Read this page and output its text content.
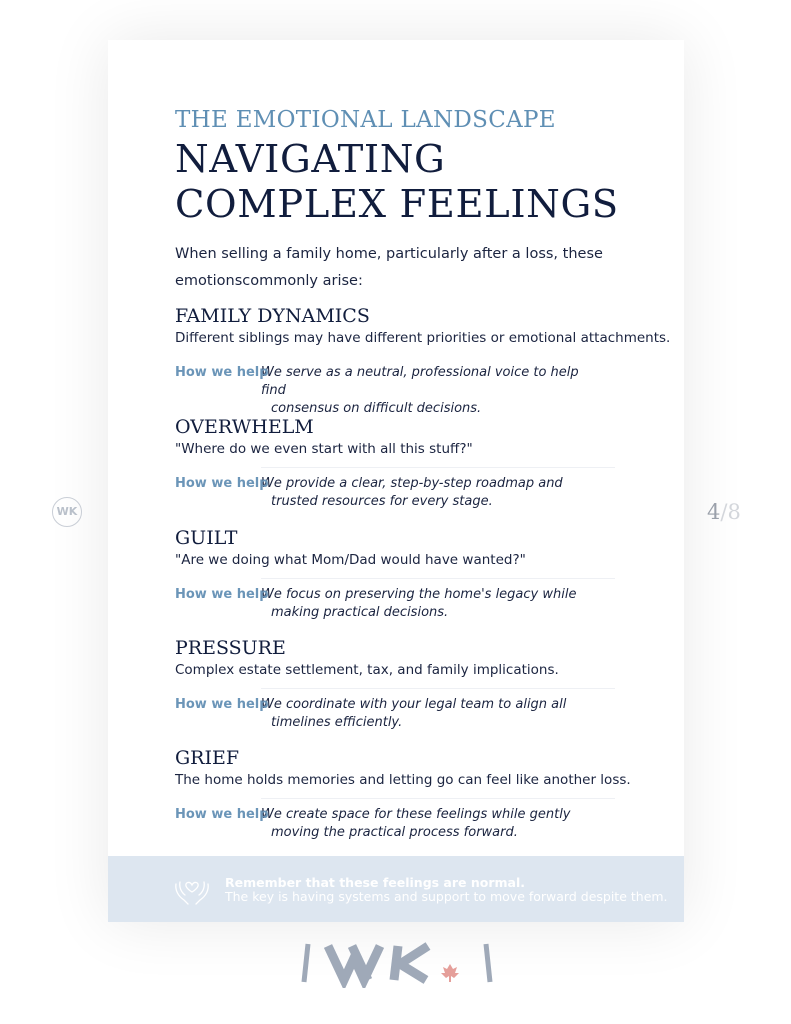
THE EMOTIONAL LANDSCAPE
NAVIGATING
COMPLEX FEELINGS
When selling a family home, particularly after a loss, these emotionscommonly arise:
FAMILY DYNAMICS
Different siblings may have different priorities or emotional attachments.
How we help
We serve as a neutral, professional voice to help find
consensus on difficult decisions.
OVERWHELM
"Where do we even start with all this stuff?"
How we help
We provide a clear, step-by-step roadmap and
trusted resources for every stage.
GUILT
"Are we doing what Mom/Dad would have wanted?"
How we help
We focus on preserving the home's legacy while
making practical decisions.
PRESSURE
Complex estate settlement, tax, and family implications.
How we help
We coordinate with your legal team to align all
timelines efficiently.
GRIEF
The home holds memories and letting go can feel like another loss.
How we help
We create space for these feelings while gently
moving the practical process forward.
Remember that these feelings are normal.
The key is having systems and support to move forward despite them.
WK	4/8
